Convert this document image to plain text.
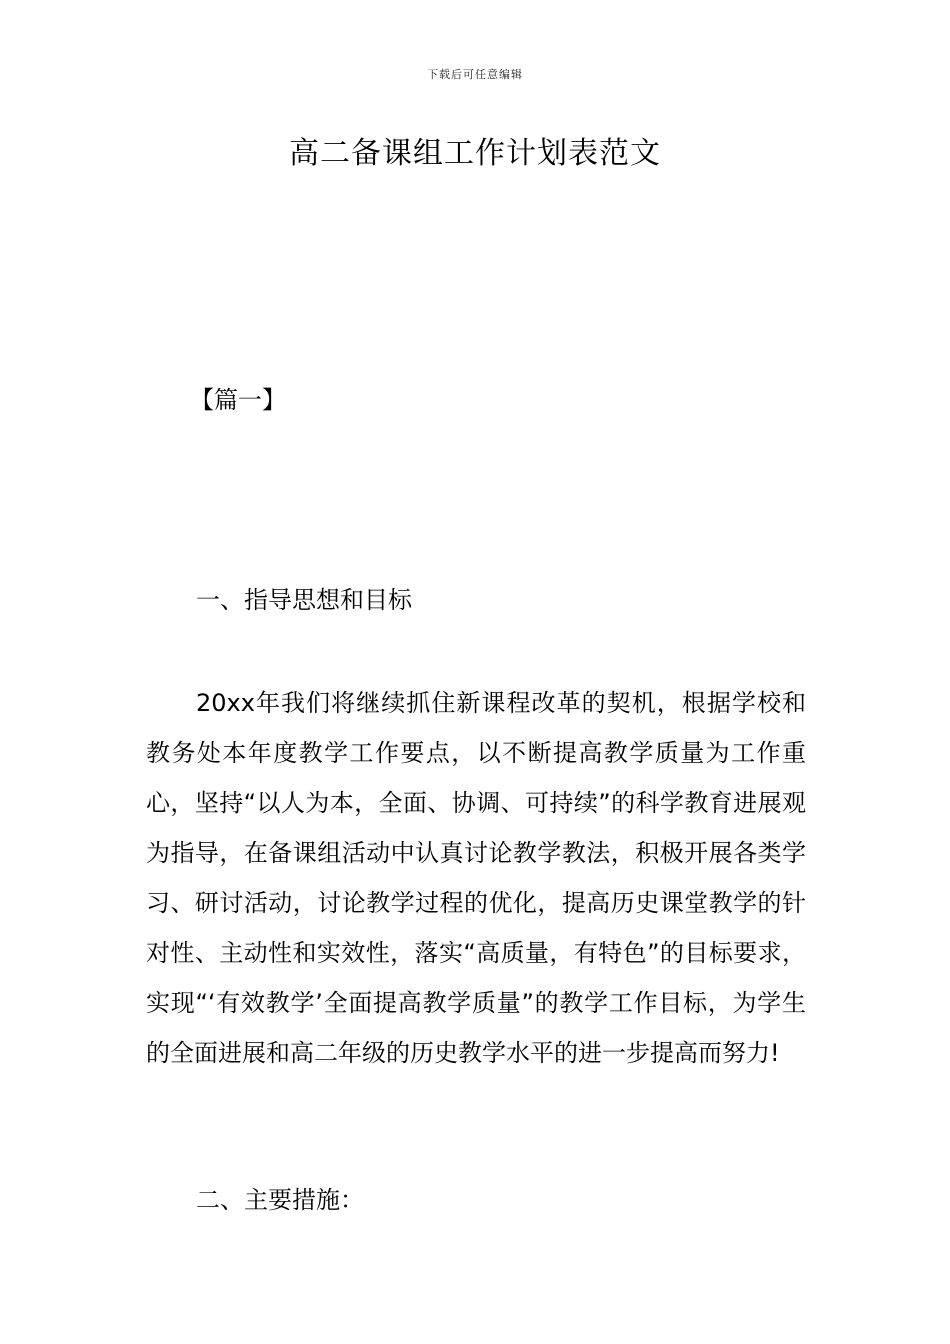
下载后可任意编辑
高二备课组工作计划表范文
【篇一】
一、指导思想和目标

20xx年我们将继续抓住新课程改革的契机，根据学校和教务处本年度教学工作要点，以不断提高教学质量为工作重心，坚持“以人为本，全面、协调、可持续”的科学教育进展观为指导，在备课组活动中认真讨论教学教法，积极开展各类学习、研讨活动，讨论教学过程的优化，提高历史课堂教学的针对性、主动性和实效性，落实“高质量，有特色”的目标要求，实现“‘有效教学’全面提高教学质量”的教学工作目标，为学生的全面进展和高二年级的历史教学水平的进一步提高而努力!

二、主要措施：
